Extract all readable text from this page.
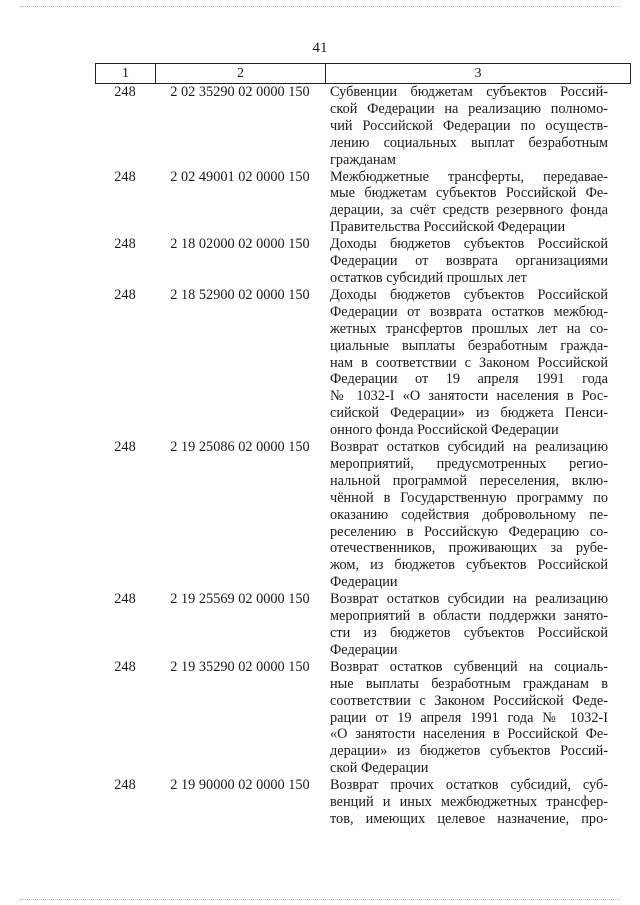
41
1	2	3
248	2 02 35290 02 0000 150	Субвенции бюджетам субъектов Россий-
ской Федерации на реализацию полномо-
чий Российской Федерации по осуществ-
лению социальных выплат безработным
гражданам
248	2 02 49001 02 0000 150	Межбюджетные трансферты, передавае-
мые бюджетам субъектов Российской Фе-
дерации, за счёт средств резервного фонда
Правительства Российской Федерации
248	2 18 02000 02 0000 150	Доходы бюджетов субъектов Российской
Федерации от возврата организациями
остатков субсидий прошлых лет
248	2 18 52900 02 0000 150	Доходы бюджетов субъектов Российской
Федерации от возврата остатков межбюд-
жетных трансфертов прошлых лет на со-
циальные выплаты безработным гражда-
нам в соответствии с Законом Российской
Федерации от 19 апреля 1991 года
№ 1032-I «О занятости населения в Рос-
сийской Федерации» из бюджета Пенси-
онного фонда Российской Федерации
248	2 19 25086 02 0000 150	Возврат остатков субсидий на реализацию
мероприятий, предусмотренных регио-
нальной программой переселения, вклю-
чённой в Государственную программу по
оказанию содействия добровольному пе-
реселению в Российскую Федерацию со-
отечественников, проживающих за рубе-
жом, из бюджетов субъектов Российской
Федерации
248	2 19 25569 02 0000 150	Возврат остатков субсидии на реализацию
мероприятий в области поддержки занято-
сти из бюджетов субъектов Российской
Федерации
248	2 19 35290 02 0000 150	Возврат остатков субвенций на социаль-
ные выплаты безработным гражданам в
соответствии с Законом Российской Феде-
рации от 19 апреля 1991 года № 1032-I
«О занятости населения в Российской Фе-
дерации» из бюджетов субъектов Россий-
ской Федерации
248	2 19 90000 02 0000 150	Возврат прочих остатков субсидий, суб-
венций и иных межбюджетных трансфер-
тов, имеющих целевое назначение, про-
